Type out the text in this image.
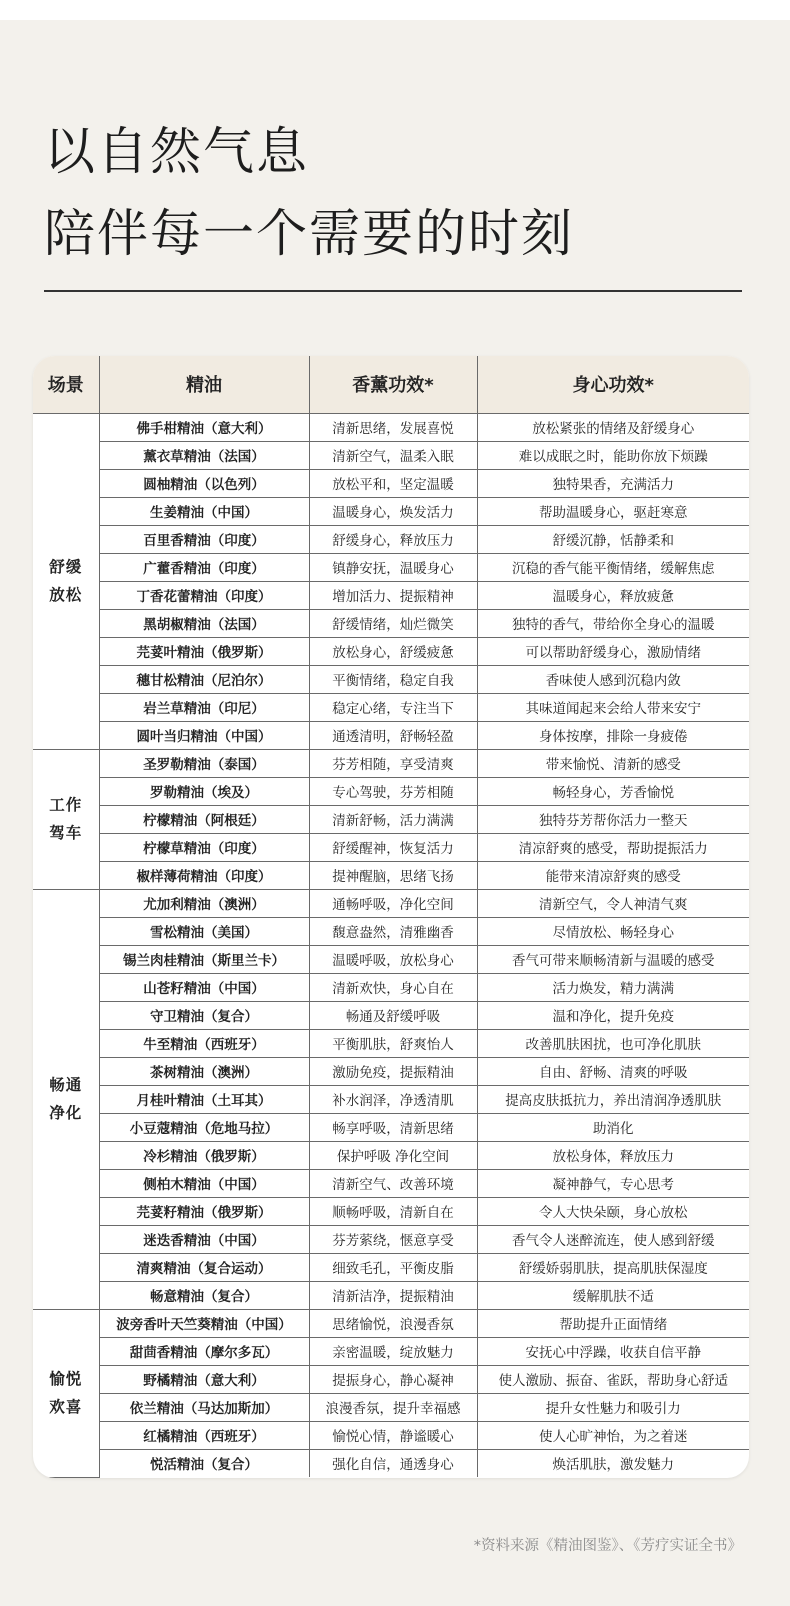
以自然气息
陪伴每一个需要的时刻
场景	精油	香薰功效*	身心功效*
舒缓
放松	佛手柑精油（意大利）	清新思绪，发展喜悦	放松紧张的情绪及舒缓身心
	薰衣草精油（法国）	清新空气，温柔入眠	难以成眠之时，能助你放下烦躁
	圆柚精油（以色列）	放松平和，坚定温暖	独特果香，充满活力
	生姜精油（中国）	温暖身心，焕发活力	帮助温暖身心，驱赶寒意
	百里香精油（印度）	舒缓身心，释放压力	舒缓沉静，恬静柔和
	广藿香精油（印度）	镇静安抚，温暖身心	沉稳的香气能平衡情绪，缓解焦虑
	丁香花蕾精油（印度）	增加活力、提振精神	温暖身心，释放疲惫
	黑胡椒精油（法国）	舒缓情绪，灿烂微笑	独特的香气，带给你全身心的温暖
	芫荽叶精油（俄罗斯）	放松身心，舒缓疲惫	可以帮助舒缓身心，激励情绪
	穗甘松精油（尼泊尔）	平衡情绪，稳定自我	香味使人感到沉稳内敛
	岩兰草精油（印尼）	稳定心绪，专注当下	其味道闻起来会给人带来安宁
	圆叶当归精油（中国）	通透清明，舒畅轻盈	身体按摩，排除一身疲倦
工作
驾车	圣罗勒精油（泰国）	芬芳相随，享受清爽	带来愉悦、清新的感受
	罗勒精油（埃及）	专心驾驶，芬芳相随	畅轻身心，芳香愉悦
	柠檬精油（阿根廷）	清新舒畅，活力满满	独特芬芳帮你活力一整天
	柠檬草精油（印度）	舒缓醒神，恢复活力	清凉舒爽的感受，帮助提振活力
	椒样薄荷精油（印度）	提神醒脑，思绪飞扬	能带来清凉舒爽的感受
畅通
净化	尤加利精油（澳洲）	通畅呼吸，净化空间	清新空气，令人神清气爽
	雪松精油（美国）	馥意盎然，清雅幽香	尽情放松、畅轻身心
	锡兰肉桂精油（斯里兰卡）	温暖呼吸，放松身心	香气可带来顺畅清新与温暖的感受
	山苍籽精油（中国）	清新欢快，身心自在	活力焕发，精力满满
	守卫精油（复合）	畅通及舒缓呼吸	温和净化，提升免疫
	牛至精油（西班牙）	平衡肌肤，舒爽怡人	改善肌肤困扰，也可净化肌肤
	茶树精油（澳洲）	激励免疫，提振精油	自由、舒畅、清爽的呼吸
	月桂叶精油（土耳其）	补水润泽，净透清肌	提高皮肤抵抗力，养出清润净透肌肤
	小豆蔻精油（危地马拉）	畅享呼吸，清新思绪	助消化
	冷杉精油（俄罗斯）	保护呼吸 净化空间	放松身体，释放压力
	侧柏木精油（中国）	清新空气、改善环境	凝神静气，专心思考
	芫荽籽精油（俄罗斯）	顺畅呼吸，清新自在	令人大快朵颐，身心放松
	迷迭香精油（中国）	芬芳萦绕，惬意享受	香气令人迷醉流连，使人感到舒缓
	清爽精油（复合运动）	细致毛孔，平衡皮脂	舒缓娇弱肌肤，提高肌肤保湿度
	畅意精油（复合）	清新洁净，提振精油	缓解肌肤不适
愉悦
欢喜	波旁香叶天竺葵精油（中国）	思绪愉悦，浪漫香氛	帮助提升正面情绪
	甜茴香精油（摩尔多瓦）	亲密温暖，绽放魅力	安抚心中浮躁，收获自信平静
	野橘精油（意大利）	提振身心，静心凝神	使人激励、振奋、雀跃，帮助身心舒适
	依兰精油（马达加斯加）	浪漫香氛，提升幸福感	提升女性魅力和吸引力
	红橘精油（西班牙）	愉悦心情，静谧暖心	使人心旷神怡，为之着迷
	悦活精油（复合）	强化自信，通透身心	焕活肌肤，激发魅力
*资料来源《精油图鉴》、《芳疗实证全书》
